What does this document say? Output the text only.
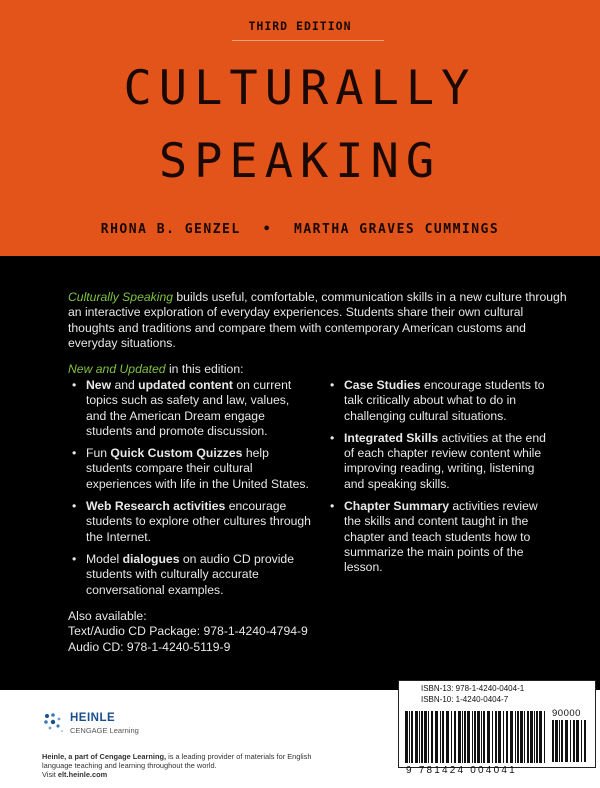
THIRD EDITION
CULTURALLY
SPEAKING
RHONA B. GENZEL • MARTHA GRAVES CUMMINGS
Culturally Speaking builds useful, comfortable, communication skills in a new culture through an interactive exploration of everyday experiences. Students share their own cultural thoughts and traditions and compare them with contemporary American customs and everyday situations.
New and Updated in this edition:
• New and updated content on current topics such as safety and law, values, and the American Dream engage students and promote discussion.
• Fun Quick Custom Quizzes help students compare their cultural experiences with life in the United States.
• Web Research activities encourage students to explore other cultures through the Internet.
• Model dialogues on audio CD provide students with culturally accurate conversational examples.
• Case Studies encourage students to talk critically about what to do in challenging cultural situations.
• Integrated Skills activities at the end of each chapter review content while improving reading, writing, listening and speaking skills.
• Chapter Summary activities review the skills and content taught in the chapter and teach students how to summarize the main points of the lesson.
Also available:
Text/Audio CD Package: 978-1-4240-4794-9
Audio CD: 978-1-4240-5119-9
HEINLE
CENGAGE Learning
Heinle, a part of Cengage Learning, is a leading provider of materials for English language teaching and learning throughout the world.
Visit elt.heinle.com
ISBN-13: 978-1-4240-0404-1
ISBN-10: 1-4240-0404-7
90000
9 781424 004041
